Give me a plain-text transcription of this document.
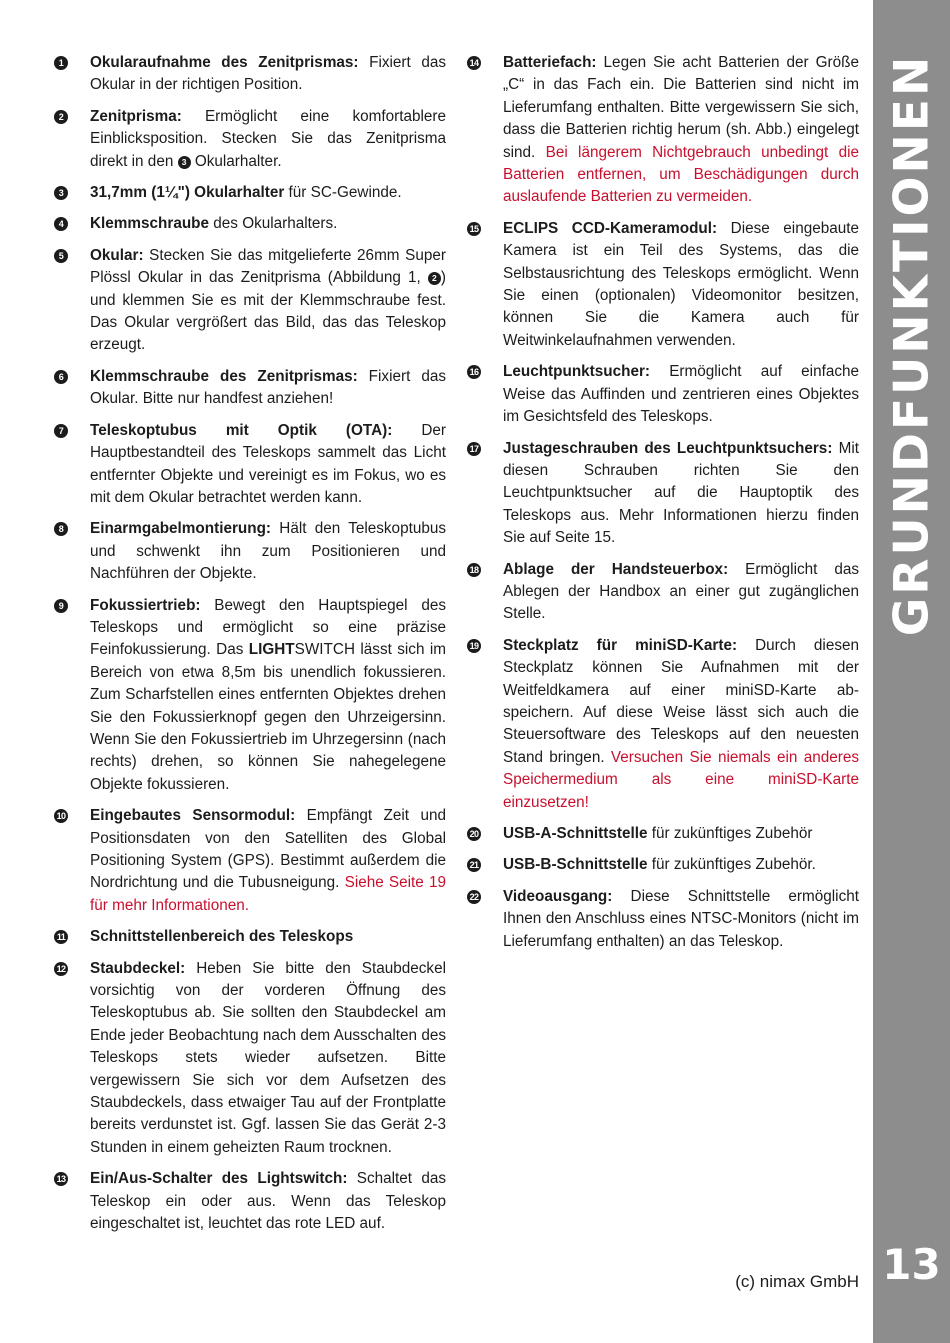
1	Okularaufnahme des Zenitprismas: Fixiert das Okular in der richtigen Position.
2	Zenitprisma: Ermöglicht eine komfortablere Einblicksposition. Stecken Sie das Zenitprisma direkt in den 3 Okularhalter.
3	31,7mm (1¼") Okularhalter für SC-Gewinde.
4	Klemmschraube des Okularhalters.
5	Okular: Stecken Sie das mitgelieferte 26mm Super Plössl Okular in das Zenitprisma (Abbildung 1, 2 ) und klemmen Sie es mit der Klemmschraube fest. Das Okular vergrößert das Bild, das das Teleskop erzeugt.
6	Klemmschraube des Zenitprismas: Fixiert das Okular. Bitte nur handfest anziehen!
7	Teleskoptubus mit Optik (OTA): Der Hauptbestandteil des Teleskops sammelt das Licht entfernter Objekte und vereinigt es im Fokus, wo es mit dem Okular betrachtet werden kann.
8	Einarmgabelmontierung: Hält den Teleskoptubus und schwenkt ihn zum Positionieren und Nachführen der Objekte.
9	Fokussiertrieb: Bewegt den Hauptspiegel des Teleskops und ermöglicht so eine präzise Feinfokussierung. Das LIGHTSWITCH lässt sich im Bereich von etwa 8,5m bis unendlich fokussieren. Zum Scharfstellen eines entfernten Objektes drehen Sie den Fokussierknopf gegen den Uhrzeigersinn. Wenn Sie den Fokussiertrieb im Uhrzegersinn (nach rechts) drehen, so können Sie nahegelegene Objekte fokussieren.
10 Eingebautes Sensormodul: Empfängt Zeit und Positionsdaten von den Satelliten des Global Positioning System (GPS). Bestimmt außerdem die Nordrichtung und die Tubusneigung. Siehe Seite 19 für mehr Informationen.
11 Schnittstellenbereich des Teleskops
12 Staubdeckel: Heben Sie bitte den Staubdeckel vorsichtig von der vorderen Öffnung des Teleskoptubus ab. Sie sollten den Staubdeckel am Ende jeder Beobachtung nach dem Ausschalten des Teleskops stets wieder aufsetzen. Bitte vergewissern Sie sich vor dem Aufsetzen des Staubdeckels, dass etwaiger Tau auf der Frontplatte bereits verdunstet ist. Ggf. lassen Sie das Gerät 2-3 Stunden in einem geheizten Raum trocknen.
13 Ein/Aus-Schalter des Lightswitch: Schaltet das Teleskop ein oder aus. Wenn das Teleskop eingeschaltet ist, leuchtet das rote LED auf.
14 Batteriefach: Legen Sie acht Batterien der Größe „C“ in das Fach ein. Die Batterien sind nicht im Lieferumfang enthalten. Bitte vergewissern Sie sich, dass die Batterien richtig herum (sh. Abb.) eingelegt sind. Bei längerem Nichtgebrauch unbedingt die Batterien entfernen, um Beschädigungen durch auslaufende Batterien zu vermeiden.
15 ECLIPS CCD-Kameramodul: Diese eingebaute Kamera ist ein Teil des Systems, das die Selbstausrichtung des Teleskops ermöglicht. Wenn Sie einen (optionalen) Videomonitor besitzen, können Sie die Kamera auch für Weitwinkelaufnahmen verwenden.
16 Leuchtpunktsucher: Ermöglicht auf einfache Weise das Auffinden und zentrieren eines Objektes im Gesichtsfeld des Teleskops.
17 Justageschrauben des Leuchtpunktsuchers: Mit diesen Schrauben richten Sie den Leuchtpunktsucher auf die Hauptoptik des Teleskops aus. Mehr Informationen hierzu finden Sie auf Seite 15.
18 Ablage der Handsteuerbox: Ermöglicht das Ablegen der Handbox an einer gut zugänglichen Stelle.
19 Steckplatz für miniSD-Karte: Durch diesen Steckplatz können Sie Aufnahmen mit der Weitfeldkamera auf einer miniSD-Karte ab-speichern. Auf diese Weise lässt sich auch die Steuersoftware des Teleskops auf den neuesten Stand bringen. Versuchen Sie niemals ein anderes Speichermedium als eine miniSD-Karte einzusetzen!
20 USB-A-Schnittstelle für zukünftiges Zubehör
21 USB-B-Schnittstelle für zukünftiges Zubehör.
22 Videoausgang: Diese Schnittstelle ermöglicht Ihnen den Anschluss eines NTSC-Monitors (nicht im Lieferumfang enthalten) an das Teleskop.
GRUNDFUNKTIONEN
13
(c) nimax GmbH
